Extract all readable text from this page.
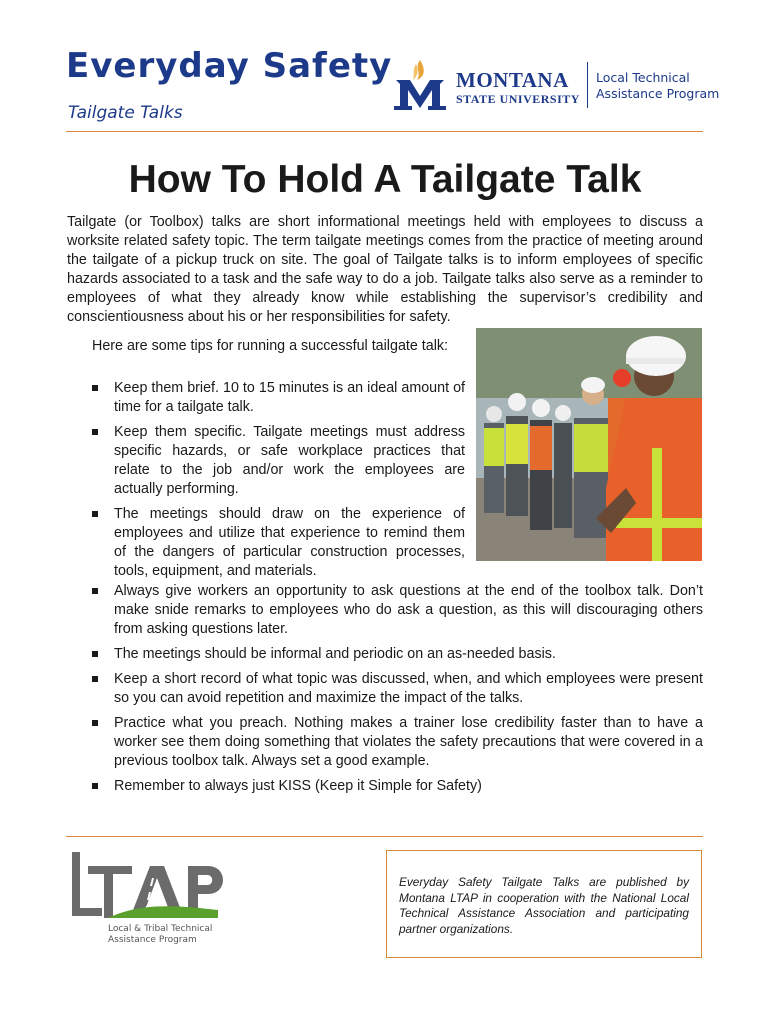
Everyday Safety
Tailgate Talks
MONTANA
STATE UNIVERSITY
Local Technical
Assistance Program
How To Hold A Tailgate Talk
Tailgate (or Toolbox) talks are short informational meetings held with employees to discuss a worksite related safety topic. The term tailgate meetings comes from the practice of meeting around the tailgate of a pickup truck on site. The goal of Tailgate talks is to inform employees of specific hazards associated to a task and the safe way to do a job. Tailgate talks also serve as a reminder to employees of what they already know while establishing the supervisor’s credibility and conscientiousness about his or her responsibilities for safety.
Here are some tips for running a successful tailgate talk:
Keep them brief. 10 to 15 minutes is an ideal amount of time for a tailgate talk.
Keep them specific. Tailgate meetings must address specific hazards, or safe workplace practices that relate to the job and/or work the employees are actually performing.
The meetings should draw on the experience of employees and utilize that experience to remind them of the dangers of particular construction processes, tools, equipment, and materials.
Always give workers an opportunity to ask questions at the end of the toolbox talk. Don’t make snide remarks to employees who do ask a question, as this will discouraging others from asking questions later.
The meetings should be informal and periodic on an as-needed basis.
Keep a short record of what topic was discussed, when, and which employees were present so you can avoid repetition and maximize the impact of the talks.
Practice what you preach. Nothing makes a trainer lose credibility faster than to have a worker see them doing something that violates the safety precautions that were covered in a previous toolbox talk. Always set a good example.
Remember to always just KISS (Keep it Simple for Safety)
Local & Tribal Technical
Assistance Program
Everyday Safety Tailgate Talks are published by Montana LTAP in cooperation with the National Local Technical Assistance Association and participating partner organizations.
